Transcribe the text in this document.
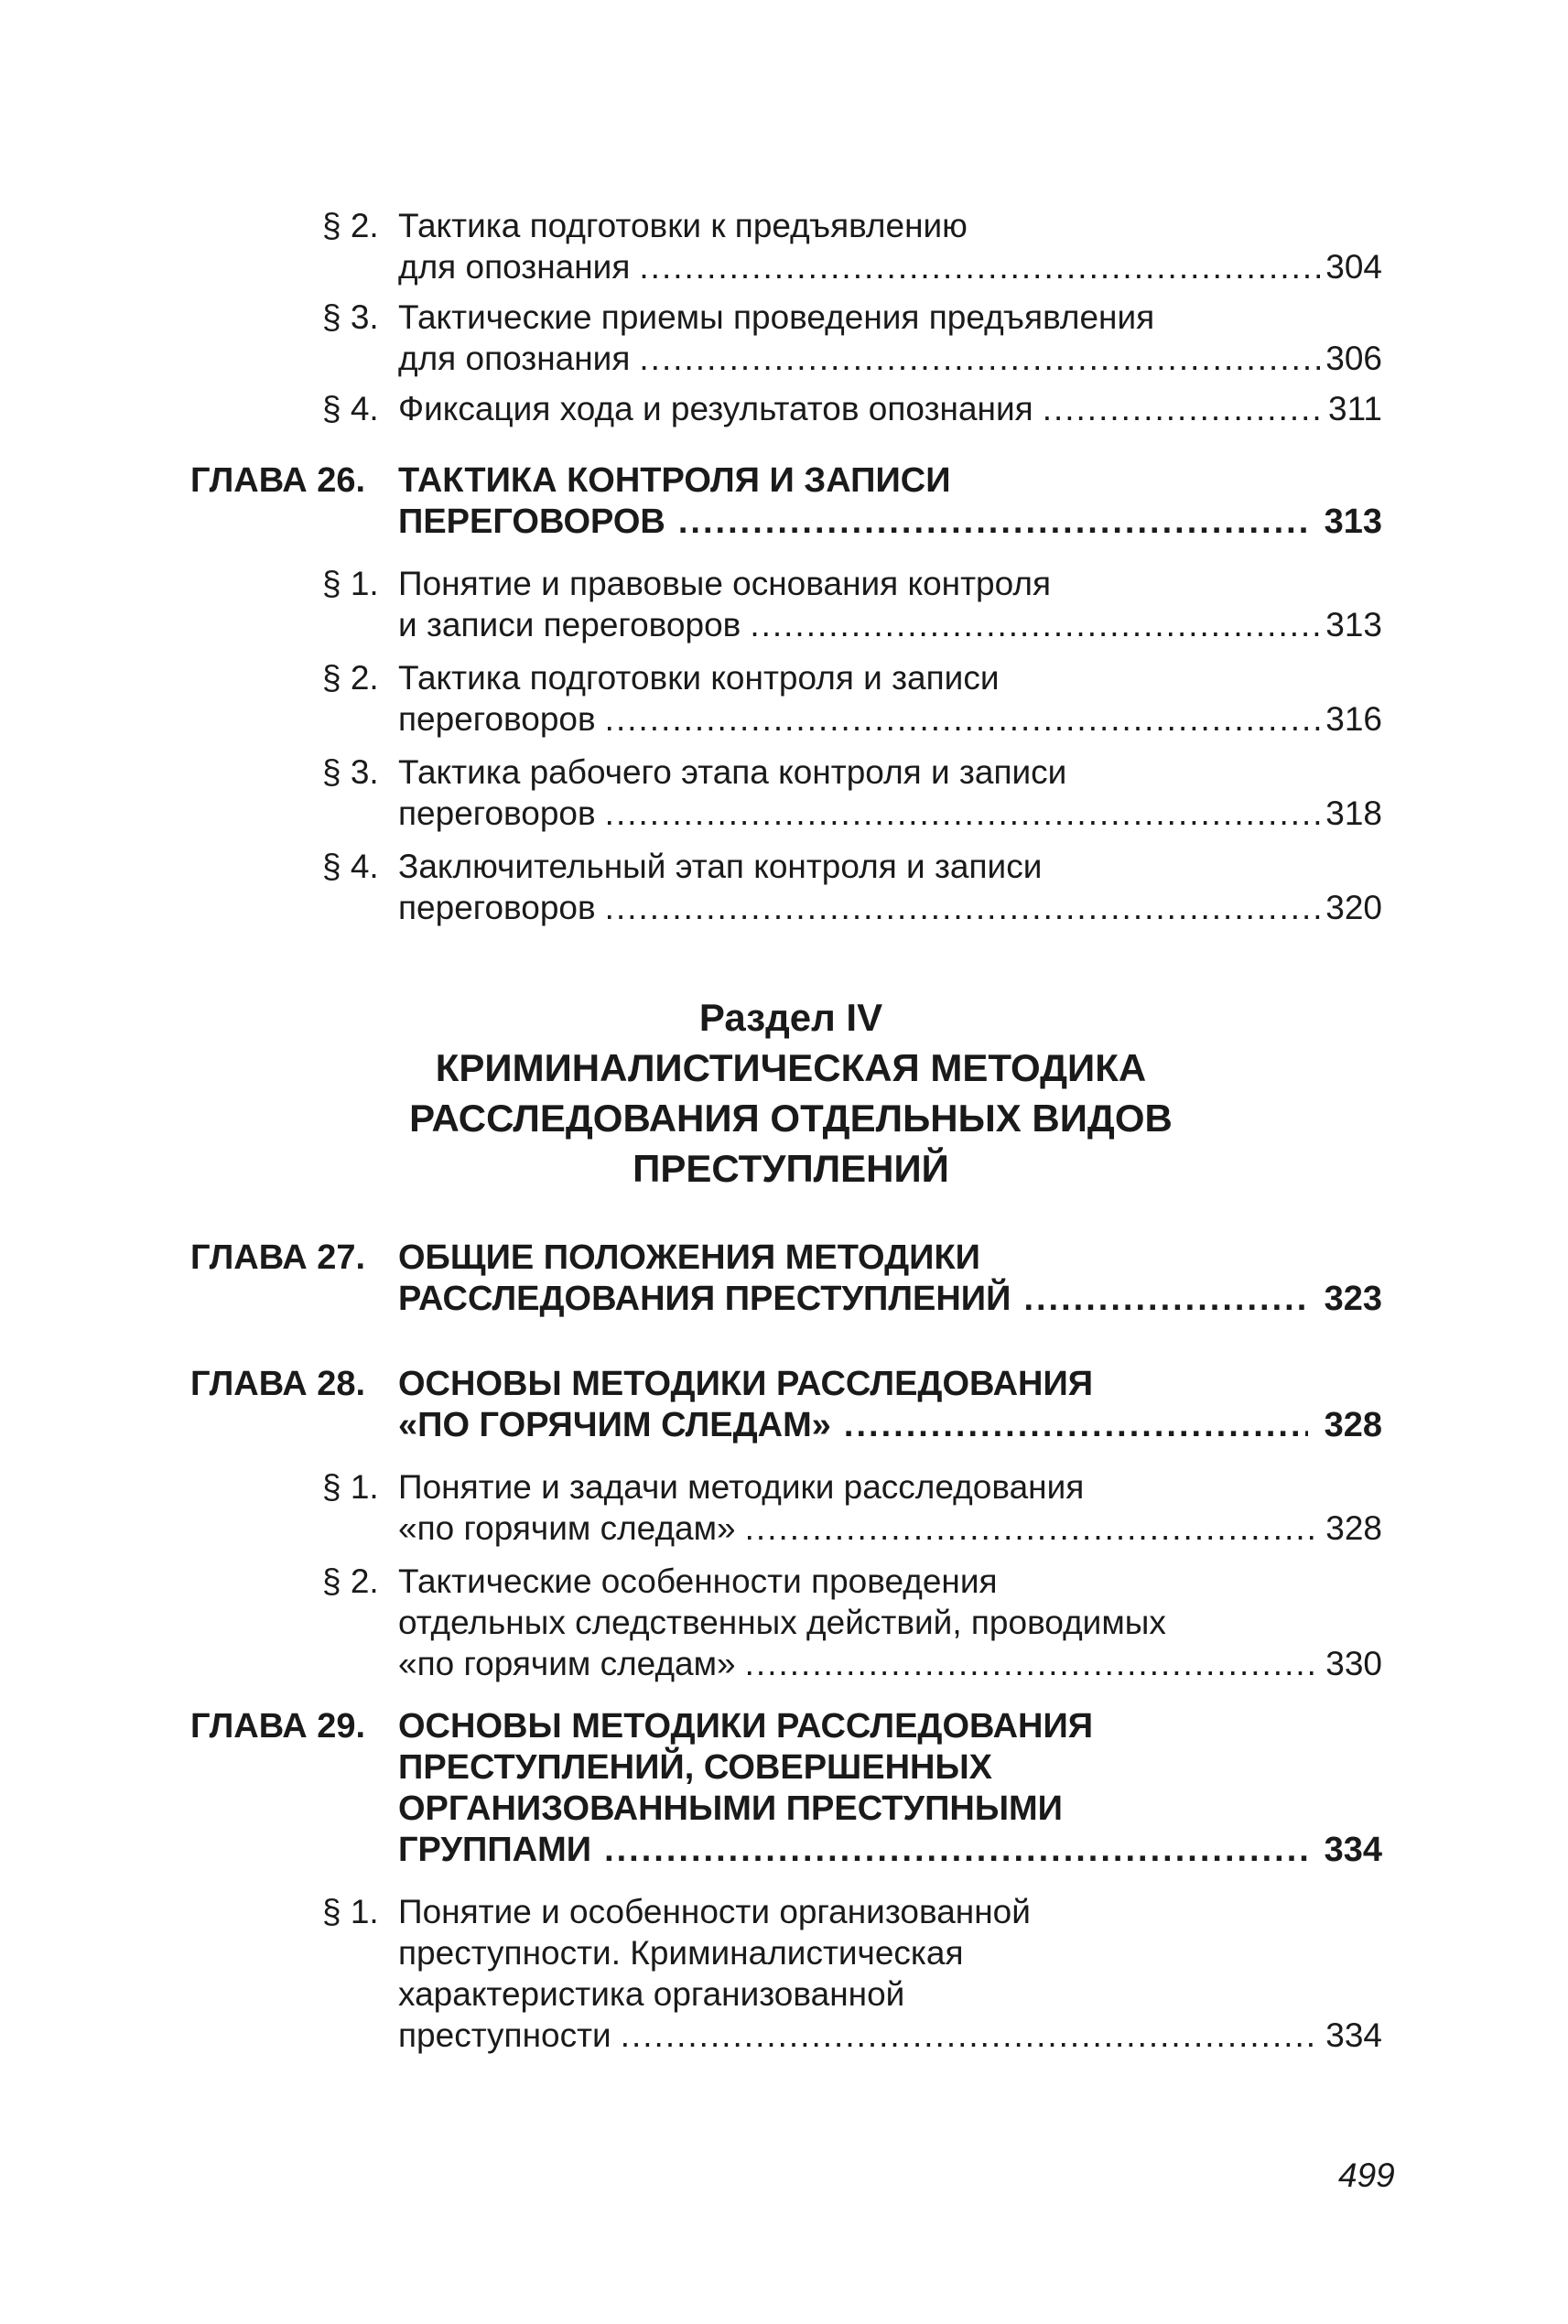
§ 2. Тактика подготовки к предъявлению
для опознания .....	304
§ 3. Тактические приемы проведения предъявления
для опознания .....	306
§ 4. Фиксация хода и результатов опознания .....	311
ГЛАВА 26. ТАКТИКА КОНТРОЛЯ И ЗАПИСИ
ПЕРЕГОВОРОВ .....	313
§ 1. Понятие и правовые основания контроля
и записи переговоров .....	313
§ 2. Тактика подготовки контроля и записи
переговоров .....	316
§ 3. Тактика рабочего этапа контроля и записи
переговоров .....	318
§ 4. Заключительный этап контроля и записи
переговоров .....	320
Раздел IV
КРИМИНАЛИСТИЧЕСКАЯ МЕТОДИКА
РАССЛЕДОВАНИЯ ОТДЕЛЬНЫХ ВИДОВ
ПРЕСТУПЛЕНИЙ
ГЛАВА 27. ОБЩИЕ ПОЛОЖЕНИЯ МЕТОДИКИ
РАССЛЕДОВАНИЯ ПРЕСТУПЛЕНИЙ .....	323
ГЛАВА 28. ОСНОВЫ МЕТОДИКИ РАССЛЕДОВАНИЯ
«ПО ГОРЯЧИМ СЛЕДАМ» .....	328
§ 1. Понятие и задачи методики расследования
«по горячим следам» .....	328
§ 2. Тактические особенности проведения
отдельных следственных действий, проводимых
«по горячим следам» .....	330
ГЛАВА 29. ОСНОВЫ МЕТОДИКИ РАССЛЕДОВАНИЯ
ПРЕСТУПЛЕНИЙ, СОВЕРШЕННЫХ
ОРГАНИЗОВАННЫМИ ПРЕСТУПНЫМИ
ГРУППАМИ .....	334
§ 1. Понятие и особенности организованной
преступности. Криминалистическая
характеристика организованной
преступности .....	334
499
